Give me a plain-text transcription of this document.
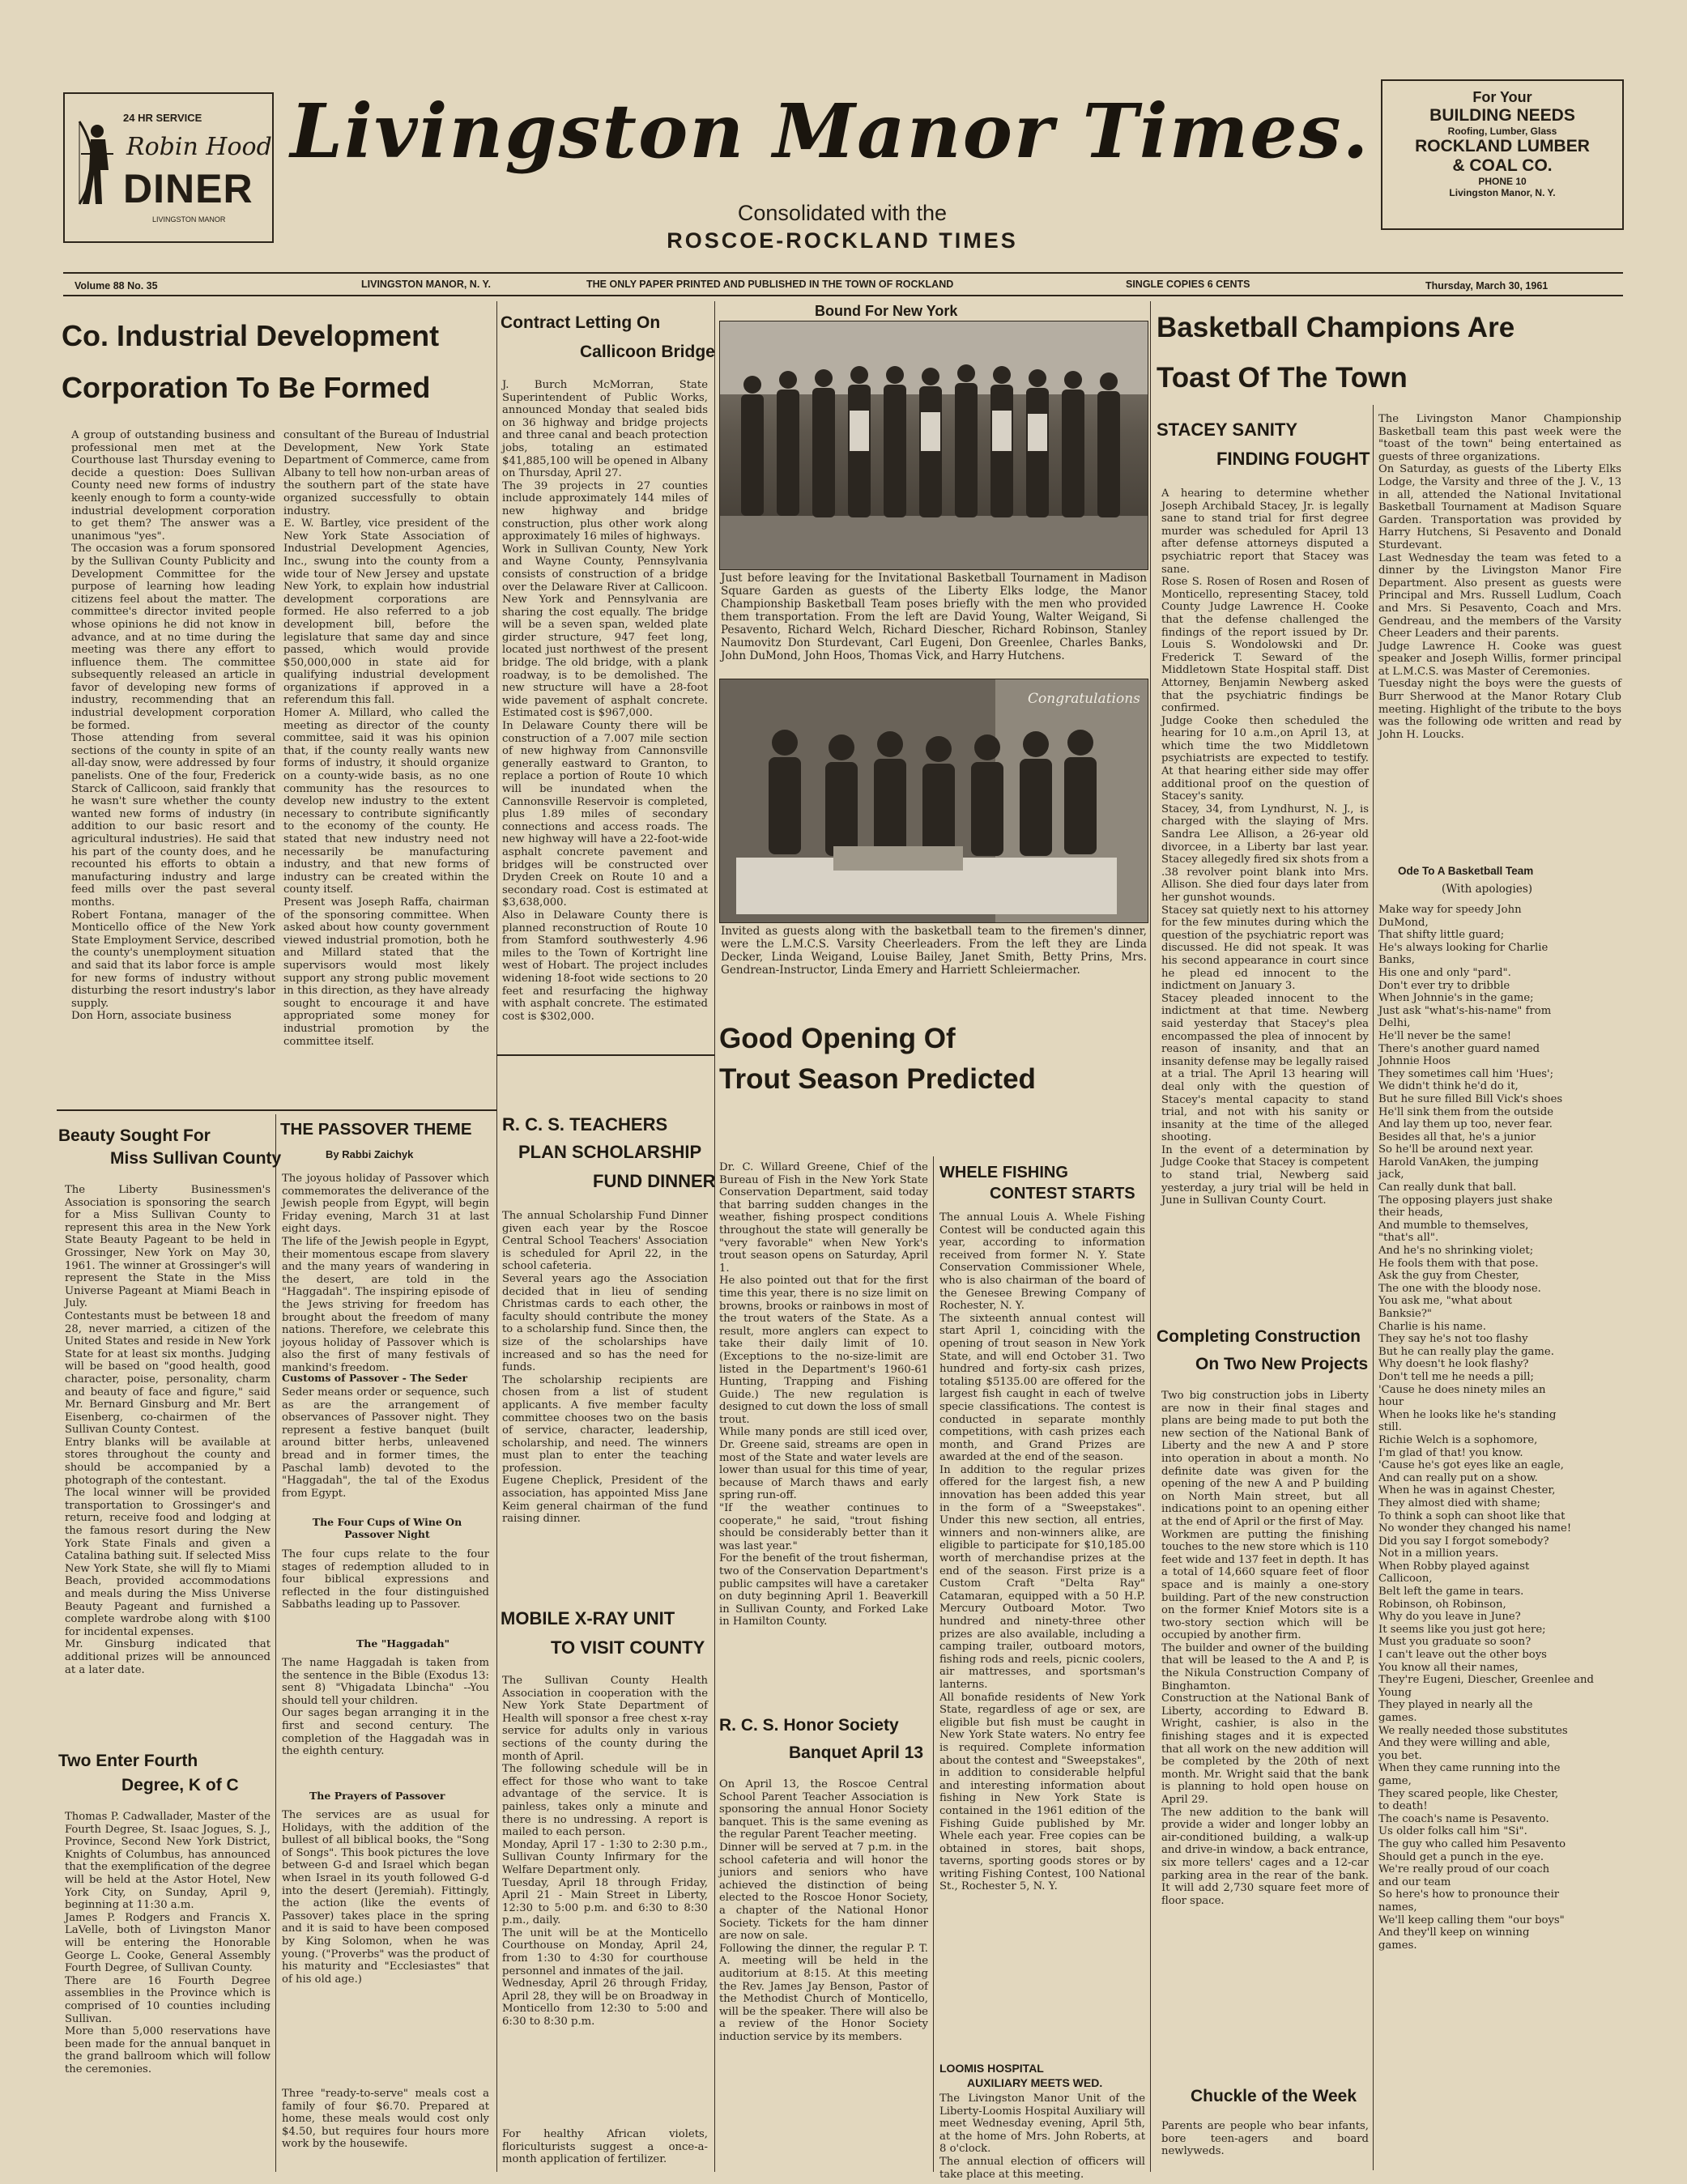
24 HR SERVICE
Robin Hood
DINER
LIVINGSTON MANOR
Livingston Manor Times.
Consolidated with the
ROSCOE-ROCKLAND TIMES
For Your
BUILDING NEEDS
Roofing, Lumber, Glass
ROCKLAND LUMBER
& COAL CO.
PHONE 10
Livingston Manor, N. Y.
Volume 88 No. 35	LIVINGSTON MANOR, N. Y.	THE ONLY PAPER PRINTED AND PUBLISHED IN THE TOWN OF ROCKLAND	SINGLE COPIES 6 CENTS	Thursday, March 30, 1961
Co. Industrial Development
Corporation To Be Formed
A group of outstanding business and professional men met at the Courthouse last Thursday evening to decide a question: Does Sullivan County need new forms of industry keenly enough to form a county-wide industrial development corporation to get them? The answer was a unanimous "yes".
The occasion was a forum sponsored by the Sullivan County Publicity and Development Committee for the purpose of learning how leading citizens feel about the matter. The committee's director invited people whose opinions he did not know in advance, and at no time during the meeting was there any effort to influence them. The committee subsequently released an article in favor of developing new forms of industry, recommending that an industrial development corporation be formed.
Those attending from several sections of the county in spite of an all-day snow, were addressed by four panelists. One of the four, Frederick Starck of Callicoon, said frankly that he wasn't sure whether the county wanted new forms of industry (in addition to our basic resort and agricultural industries). He said that his part of the county does, and he recounted his efforts to obtain a manufacturing industry and large feed mills over the past several months.
Robert Fontana, manager of the Monticello office of the New York State Employment Service, described the county's unemployment situation and said that its labor force is ample for new forms of industry without disturbing the resort industry's labor supply.
Don Horn, associate business
consultant of the Bureau of Industrial Development, New York State Department of Commerce, came from Albany to tell how non-urban areas of the southern part of the state have organized successfully to obtain industry.
E. W. Bartley, vice president of the New York State Association of Industrial Development Agencies, Inc., swung into the county from a wide tour of New Jersey and upstate New York, to explain how industrial development corporations are formed. He also referred to a job development bill, before the legislature that same day and since passed, which would provide $50,000,000 in state aid for qualifying industrial development organizations if approved in a referendum this fall.
Homer A. Millard, who called the meeting as director of the county committee, said it was his opinion that, if the county really wants new forms of industry, it should organize on a county-wide basis, as no one community has the resources to develop new industry to the extent necessary to contribute significantly to the economy of the county. He stated that new industry need not necessarily be manufacturing industry, and that new forms of industry can be created within the county itself.
Present was Joseph Raffa, chairman of the sponsoring committee. When asked about how county government viewed industrial promotion, both he and Millard stated that the supervisors would most likely support any strong public movement in this direction, as they have already sought to encourage it and have appropriated some money for industrial promotion by the committee itself.
Beauty Sought For
Miss Sullivan County
The Liberty Businessmen's Association is sponsoring the search for a Miss Sullivan County to represent this area in the New York State Beauty Pageant to be held in Grossinger, New York on May 30, 1961. The winner at Grossinger's will represent the State in the Miss Universe Pageant at Miami Beach in July.
Contestants must be between 18 and 28, never married, a citizen of the United States and reside in New York State for at least six months. Judging will be based on "good health, good character, poise, personality, charm and beauty of face and figure," said Mr. Bernard Ginsburg and Mr. Bert Eisenberg, co-chairmen of the Sullivan County Contest.
Entry blanks will be available at stores throughout the county and should be accompanied by a photograph of the contestant.
The local winner will be provided transportation to Grossinger's and return, receive food and lodging at the famous resort during the New York State Finals and given a Catalina bathing suit. If selected Miss New York State, she will fly to Miami Beach, provided accommodations and meals during the Miss Universe Beauty Pageant and furnished a complete wardrobe along with $100 for incidental expenses.
Mr. Ginsburg indicated that additional prizes will be announced at a later date.
Two Enter Fourth
Degree, K of C
Thomas P. Cadwallader, Master of the Fourth Degree, St. Isaac Jogues, S. J., Province, Second New York District, Knights of Columbus, has announced that the exemplification of the degree will be held at the Astor Hotel, New York City, on Sunday, April 9, beginning at 11:30 a.m.
James P. Rodgers and Francis X. LaVelle, both of Livingston Manor will be entering the Honorable George L. Cooke, General Assembly Fourth Degree, of Sullivan County.
There are 16 Fourth Degree assemblies in the Province which is comprised of 10 counties including Sullivan.
More than 5,000 reservations have been made for the annual banquet in the grand ballroom which will follow the ceremonies.
THE PASSOVER THEME
By Rabbi Zaichyk
The joyous holiday of Passover which commemorates the deliverance of the Jewish people from Egypt, will begin Friday evening, March 31 at last eight days.
The life of the Jewish people in Egypt, their momentous escape from slavery and the many years of wandering in the desert, are told in the "Haggadah". The inspiring episode of the Jews striving for freedom has brought about the freedom of many nations. Therefore, we celebrate this joyous holiday of Passover which is also the first of many festivals of mankind's freedom.
Customs of Passover - The Seder
Seder means order or sequence, such as are the arrangement of observances of Passover night. They represent a festive banquet (built around bitter herbs, unleavened bread and in former times, the Paschal lamb) devoted to the "Haggadah", the tal of the Exodus from Egypt.
The Four Cups of Wine On Passover Night
The four cups relate to the four stages of redemption alluded to in four biblical expressions and reflected in the four distinguished Sabbaths leading up to Passover.
The "Haggadah"
The name Haggadah is taken from the sentence in the Bible (Exodus 13: sent 8) "Vhigadata Lbincha" --You should tell your children.
Our sages began arranging it in the first and second century. The completion of the Haggadah was in the eighth century.
The Prayers of Passover
The services are as usual for Holidays, with the addition of the bullest of all biblical books, the "Song of Songs". This book pictures the love between G-d and Israel which began when Israel in its youth followed G-d into the desert (Jeremiah). Fittingly, the action (like the events of Passover) takes place in the spring and it is said to have been composed by King Solomon, when he was young. ("Proverbs" was the product of his maturity and "Ecclesiastes" that of his old age.)
Three "ready-to-serve" meals cost a family of four $6.70. Prepared at home, these meals would cost only $4.50, but requires four hours more work by the housewife.
Contract Letting On
Callicoon Bridge
J. Burch McMorran, State Superintendent of Public Works, announced Monday that sealed bids on 36 highway and bridge projects and three canal and beach protection jobs, totaling an estimated $41,885,100 will be opened in Albany on Thursday, April 27.
The 39 projects in 27 counties include approximately 144 miles of new highway and bridge construction, plus other work along approximately 16 miles of highways.
Work in Sullivan County, New York and Wayne County, Pennsylvania consists of construction of a bridge over the Delaware River at Callicoon. New York and Pennsylvania are sharing the cost equally. The bridge will be a seven span, welded plate girder structure, 947 feet long, located just northwest of the present bridge. The old bridge, with a plank roadway, is to be demolished. The new structure will have a 28-foot wide pavement of asphalt concrete. Estimated cost is $967,000.
In Delaware County there will be construction of a 7.007 mile section of new highway from Cannonsville generally eastward to Granton, to replace a portion of Route 10 which will be inundated when the Cannonsville Reservoir is completed, plus 1.89 miles of secondary connections and access roads. The new highway will have a 22-foot-wide asphalt concrete pavement and bridges will be constructed over Dryden Creek on Route 10 and a secondary road. Cost is estimated at $3,638,000.
Also in Delaware County there is planned reconstruction of Route 10 from Stamford southwesterly 4.96 miles to the Town of Kortright line west of Hobart. The project includes widening 18-foot wide sections to 20 feet and resurfacing the highway with asphalt concrete. The estimated cost is $302,000.
R. C. S. TEACHERS
PLAN SCHOLARSHIP
FUND DINNER
The annual Scholarship Fund Dinner given each year by the Roscoe Central School Teachers' Association is scheduled for April 22, in the school cafeteria.
Several years ago the Association decided that in lieu of sending Christmas cards to each other, the faculty should contribute the money to a scholarship fund. Since then, the size of the scholarships have increased and so has the need for funds.
The scholarship recipients are chosen from a list of student applicants. A five member faculty committee chooses two on the basis of service, character, leadership, scholarship, and need. The winners must plan to enter the teaching profession.
Eugene Cheplick, President of the association, has appointed Miss Jane Keim general chairman of the fund raising dinner.
MOBILE X-RAY UNIT
TO VISIT COUNTY
The Sullivan County Health Association in cooperation with the New York State Department of Health will sponsor a free chest x-ray service for adults only in various sections of the county during the month of April.
The following schedule will be in effect for those who want to take advantage of the service. It is painless, takes only a minute and there is no undressing. A report is mailed to each person.
Monday, April 17 - 1:30 to 2:30 p.m., Sullivan County Infirmary for the Welfare Department only.
Tuesday, April 18 through Friday, April 21 - Main Street in Liberty, 12:30 to 5:00 p.m. and 6:30 to 8:30 p.m., daily.
The unit will be at the Monticello Courthouse on Monday, April 24, from 1:30 to 4:30 for courthouse personnel and inmates of the jail.
Wednesday, April 26 through Friday, April 28, they will be on Broadway in Monticello from 12:30 to 5:00 and 6:30 to 8:30 p.m.
For healthy African violets, floriculturists suggest a once-a-month application of fertilizer.
Bound For New York
Just before leaving for the Invitational Basketball Tournament in Madison Square Garden as guests of the Liberty Elks lodge, the Manor Championship Basketball Team poses briefly with the men who provided them transportation. From the left are David Young, Walter Weigand, Si Pesavento, Richard Welch, Richard Diescher, Richard Robinson, Stanley Naumovitz Don Sturdevant, Carl Eugeni, Don Greenlee, Charles Banks, John DuMond, John Hoos, Thomas Vick, and Harry Hutchens.
Congratulations
Invited as guests along with the basketball team to the firemen's dinner, were the L.M.C.S. Varsity Cheerleaders. From the left they are Linda Decker, Linda Weigand, Louise Bailey, Janet Smith, Betty Prins, Mrs. Gendrean-Instructor, Linda Emery and Harriett Schleiermacher.
Good Opening Of
Trout Season Predicted
Dr. C. Willard Greene, Chief of the Bureau of Fish in the New York State Conservation Department, said today that barring sudden changes in the weather, fishing prospect conditions throughout the state will generally be "very favorable" when New York's trout season opens on Saturday, April 1.
He also pointed out that for the first time this year, there is no size limit on browns, brooks or rainbows in most of the trout waters of the State. As a result, more anglers can expect to take their daily limit of 10. (Exceptions to the no-size-limit are listed in the Department's 1960-61 Hunting, Trapping and Fishing Guide.) The new regulation is designed to cut down the loss of small trout.
While many ponds are still iced over, Dr. Greene said, streams are open in most of the State and water levels are lower than usual for this time of year, because of March thaws and early spring run-off.
"If the weather continues to cooperate," he said, "trout fishing should be considerably better than it was last year."
For the benefit of the trout fisherman, two of the Conservation Department's public campsites will have a caretaker on duty beginning April 1. Beaverkill in Sullivan County, and Forked Lake in Hamilton County.
R. C. S. Honor Society
Banquet April 13
On April 13, the Roscoe Central School Parent Teacher Association is sponsoring the annual Honor Society banquet. This is the same evening as the regular Parent Teacher meeting.
Dinner will be served at 7 p.m. in the school cafeteria and will honor the juniors and seniors who have achieved the distinction of being elected to the Roscoe Honor Society, a chapter of the National Honor Society. Tickets for the ham dinner are now on sale.
Following the dinner, the regular P. T. A. meeting will be held in the auditorium at 8:15. At this meeting the Rev. James Jay Benson, Pastor of the Methodist Church of Monticello, will be the speaker. There will also be a review of the Honor Society induction service by its members.
WHELE FISHING
CONTEST STARTS
The annual Louis A. Whele Fishing Contest will be conducted again this year, according to information received from former N. Y. State Conservation Commissioner Whele, who is also chairman of the board of the Genesee Brewing Company of Rochester, N. Y.
The sixteenth annual contest will start April 1, coinciding with the opening of trout season in New York State, and will end October 31. Two hundred and forty-six cash prizes, totaling $5135.00 are offered for the largest fish caught in each of twelve specie classifications. The contest is conducted in separate monthly competitions, with cash prizes each month, and Grand Prizes are awarded at the end of the season.
In addition to the regular prizes offered for the largest fish, a new innovation has been added this year in the form of a "Sweepstakes". Under this new section, all entries, winners and non-winners alike, are eligible to participate for $10,185.00 worth of merchandise prizes at the end of the season. First prize is a Custom Craft "Delta Ray" Catamaran, equipped with a 50 H.P. Mercury Outboard Motor. Two hundred and ninety-three other prizes are also available, including a camping trailer, outboard motors, fishing rods and reels, picnic coolers, air mattresses, and sportsman's lanterns.
All bonafide residents of New York State, regardless of age or sex, are eligible but fish must be caught in New York State waters. No entry fee is required. Complete information about the contest and "Sweepstakes", in addition to considerable helpful and interesting information about fishing in New York State is contained in the 1961 edition of the Fishing Guide published by Mr. Whele each year. Free copies can be obtained in stores, bait shops, taverns, sporting goods stores or by writing Fishing Contest, 100 National St., Rochester 5, N. Y.
LOOMIS HOSPITAL
AUXILIARY MEETS WED.
The Livingston Manor Unit of the Liberty-Loomis Hospital Auxiliary will meet Wednesday evening, April 5th, at the home of Mrs. John Roberts, at 8 o'clock.
The annual election of officers will take place at this meeting.
Basketball Champions Are
Toast Of The Town
The Livingston Manor Championship Basketball team this past week were the "toast of the town" being entertained as guests of three organizations.
On Saturday, as guests of the Liberty Elks Lodge, the Varsity and three of the J. V., 13 in all, attended the National Invitational Basketball Tournament at Madison Square Garden. Transportation was provided by Harry Hutchens, Si Pesavento and Donald Sturdevant.
Last Wednesday the team was feted to a dinner by the Livingston Manor Fire Department. Also present as guests were Principal and Mrs. Russell Ludlum, Coach and Mrs. Si Pesavento, Coach and Mrs. Gendreau, and the members of the Varsity Cheer Leaders and their parents.
Judge Lawrence H. Cooke was guest speaker and Joseph Willis, former principal at L.M.C.S. was Master of Ceremonies.
Tuesday night the boys were the guests of Burr Sherwood at the Manor Rotary Club meeting. Highlight of the tribute to the boys was the following ode written and read by John H. Loucks.
Ode To A Basketball Team
(With apologies)
Make way for speedy John
DuMond,
That shifty little guard;
He's always looking for Charlie
Banks,
His one and only "pard".
Don't ever try to dribble
When Johnnie's in the game;
Just ask "what's-his-name" from
Delhi,
He'll never be the same!
There's another guard named
Johnnie Hoos
They sometimes call him 'Hues';
We didn't think he'd do it,
But he sure filled Bill Vick's shoes
He'll sink them from the outside
And lay them up too, never fear.
Besides all that, he's a junior
So he'll be around next year.
Harold VanAken, the jumping
jack,
Can really dunk that ball.
The opposing players just shake
their heads,
And mumble to themselves,
"that's all".
And he's no shrinking violet;
He fools them with that pose.
Ask the guy from Chester,
The one with the bloody nose.
You ask me, "what about
Banksie?"
Charlie is his name.
They say he's not too flashy
But he can really play the game.
Why doesn't he look flashy?
Don't tell me he needs a pill;
'Cause he does ninety miles an
hour
When he looks like he's standing
still.
Richie Welch is a sophomore,
I'm glad of that! you know.
'Cause he's got eyes like an eagle,
And can really put on a show.
When he was in against Chester,
They almost died with shame;
To think a soph can shoot like that
No wonder they changed his name!
Did you say I forgot somebody?
Not in a million years.
When Robby played against
Callicoon,
Belt left the game in tears.
Robinson, oh Robinson,
Why do you leave in June?
It seems like you just got here;
Must you graduate so soon?
I can't leave out the other boys
You know all their names,
They're Eugeni, Diescher, Greenlee and Young
They played in nearly all the
games.
We really needed those substitutes
And they were willing and able,
you bet.
When they came running into the
game,
They scared people, like Chester,
to death!
The coach's name is Pesavento.
Us older folks call him "Si".
The guy who called him Pesavento
Should get a punch in the eye.
We're really proud of our coach
and our team
So here's how to pronounce their
names,
We'll keep calling them "our boys"
And they'll keep on winning
games.
STACEY SANITY
FINDING FOUGHT
A hearing to determine whether Joseph Archibald Stacey, Jr. is legally sane to stand trial for first degree murder was scheduled for April 13 after defense attorneys disputed a psychiatric report that Stacey was sane.
Rose S. Rosen of Rosen and Rosen of Monticello, representing Stacey, told County Judge Lawrence H. Cooke that the defense challenged the findings of the report issued by Dr. Louis S. Wondolowski and Dr. Frederick T. Seward of the Middletown State Hospital staff. Dist Attorney, Benjamin Newberg asked that the psychiatric findings be confirmed.
Judge Cooke then scheduled the hearing for 10 a.m.,on April 13, at which time the two Middletown psychiatrists are expected to testify. At that hearing either side may offer additional proof on the question of Stacey's sanity.
Stacey, 34, from Lyndhurst, N. J., is charged with the slaying of Mrs. Sandra Lee Allison, a 26-year old divorcee, in a Liberty bar last year. Stacey allegedly fired six shots from a .38 revolver point blank into Mrs. Allison. She died four days later from her gunshot wounds.
Stacey sat quietly next to his attorney for the few minutes during which the question of the psychiatric report was discussed. He did not speak. It was his second appearance in court since he plead ed innocent to the indictment on January 3.
Stacey pleaded innocent to the indictment at that time. Newberg said yesterday that Stacey's plea encompassed the plea of innocent by reason of insanity, and that an insanity defense may be legally raised at a trial. The April 13 hearing will deal only with the question of Stacey's mental capacity to stand trial, and not with his sanity or insanity at the time of the alleged shooting.
In the event of a determination by Judge Cooke that Stacey is competent to stand trial, Newberg said yesterday, a jury trial will be held in June in Sullivan County Court.
Completing Construction
On Two New Projects
Two big construction jobs in Liberty are now in their final stages and plans are being made to put both the new section of the National Bank of Liberty and the new A and P store into operation in about a month. No definite date was given for the opening of the new A and P building on North Main street, but all indications point to an opening either at the end of April or the first of May.
Workmen are putting the finishing touches to the new store which is 110 feet wide and 137 feet in depth. It has a total of 14,660 square feet of floor space and is mainly a one-story building. Part of the new construction on the former Knief Motors site is a two-story section which will be occupied by another firm.
The builder and owner of the building that will be leased to the A and P, is the Nikula Construction Company of Binghamton.
Construction at the National Bank of Liberty, according to Edward B. Wright, cashier, is also in the finishing stages and it is expected that all work on the new addition will be completed by the 20th of next month. Mr. Wright said that the bank is planning to hold open house on April 29.
The new addition to the bank will provide a wider and longer lobby an air-conditioned building, a walk-up and drive-in window, a back entrance, six more tellers' cages and a 12-car parking area in the rear of the bank. It will add 2,730 square feet more of floor space.
Chuckle of the Week
Parents are people who bear infants, bore teen-agers and board newlyweds.
